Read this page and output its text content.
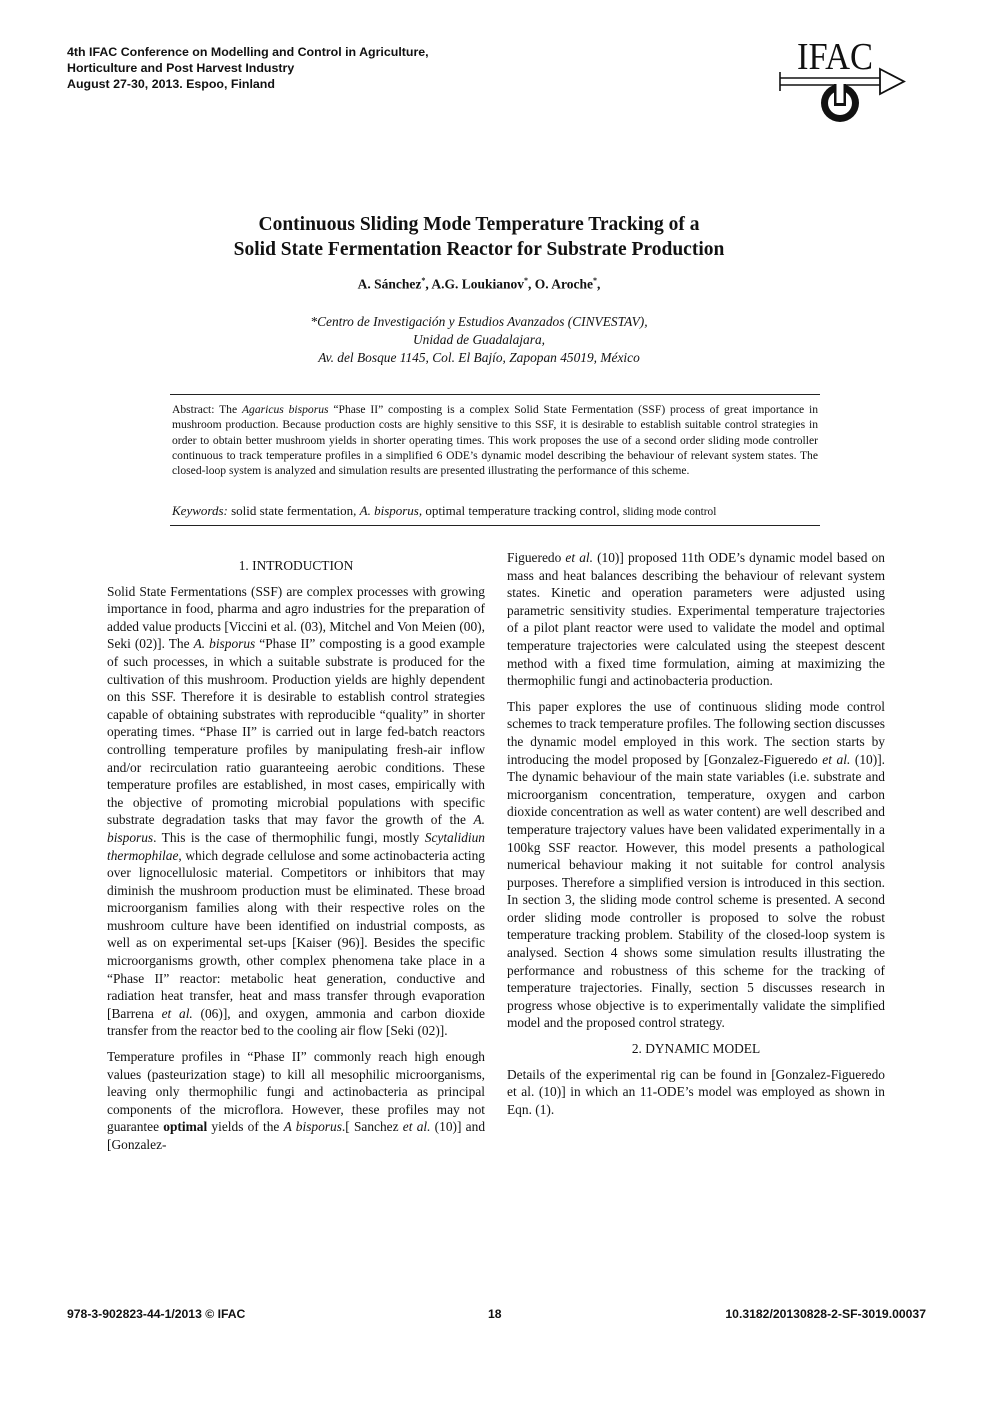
4th IFAC Conference on Modelling and Control in Agriculture,
Horticulture and Post Harvest Industry
August 27-30, 2013. Espoo, Finland
IFAC
Continuous Sliding Mode Temperature Tracking of a
Solid State Fermentation Reactor for Substrate Production
A. Sánchez*, A.G. Loukianov*, O. Aroche*,
*Centro de Investigación y Estudios Avanzados (CINVESTAV),
Unidad de Guadalajara,
Av. del Bosque 1145, Col. El Bajío, Zapopan 45019, México
Abstract: The Agaricus bisporus “Phase II” composting is a complex Solid State Fermentation (SSF) process of great importance in mushroom production. Because production costs are highly sensitive to this SSF, it is desirable to establish suitable control strategies in order to obtain better mushroom yields in shorter operating times. This work proposes the use of a second order sliding mode controller continuous to track temperature profiles in a simplified 6 ODE’s dynamic model describing the behaviour of relevant system states. The closed-loop system is analyzed and simulation results are presented illustrating the performance of this scheme.
Keywords: solid state fermentation, A. bisporus, optimal temperature tracking control, sliding mode control
1. INTRODUCTION

Solid State Fermentations (SSF) are complex processes with growing importance in food, pharma and agro industries for the preparation of added value products [Viccini et al. (03), Mitchel and Von Meien (00), Seki (02)]. The A. bisporus “Phase II” composting is a good example of such processes, in which a suitable substrate is produced for the cultivation of this mushroom. Production yields are highly dependent on this SSF. Therefore it is desirable to establish control strategies capable of obtaining substrates with reproducible “quality” in shorter operating times. “Phase II” is carried out in large fed-batch reactors controlling temperature profiles by manipulating fresh-air inflow and/or recirculation ratio guaranteeing aerobic conditions. These temperature profiles are established, in most cases, empirically with the objective of promoting microbial populations with specific substrate degradation tasks that may favor the growth of the A. bisporus. This is the case of thermophilic fungi, mostly Scytalidiun thermophilae, which degrade cellulose and some actinobacteria acting over lignocellulosic material. Competitors or inhibitors that may diminish the mushroom production must be eliminated. These broad microorganism families along with their respective roles on the mushroom culture have been identified on industrial composts, as well as on experimental set-ups [Kaiser (96)]. Besides the specific microorganisms growth, other complex phenomena take place in a “Phase II” reactor: metabolic heat generation, conductive and radiation heat transfer, heat and mass transfer through evaporation [Barrena et al. (06)], and oxygen, ammonia and carbon dioxide transfer from the reactor bed to the cooling air flow [Seki (02)].

Temperature profiles in “Phase II” commonly reach high enough values (pasteurization stage) to kill all mesophilic microorganisms, leaving only thermophilic fungi and actinobacteria as principal components of the microflora. However, these profiles may not guarantee optimal yields of the A bisporus.[ Sanchez et al. (10)] and [Gonzalez-

Figueredo et al. (10)] proposed 11th ODE’s dynamic model based on mass and heat balances describing the behaviour of relevant system states. Kinetic and operation parameters were adjusted using parametric sensitivity studies. Experimental temperature trajectories of a pilot plant reactor were used to validate the model and optimal temperature trajectories were calculated using the steepest descent method with a fixed time formulation, aiming at maximizing the thermophilic fungi and actinobacteria production.

This paper explores the use of continuous sliding mode control schemes to track temperature profiles. The following section discusses the dynamic model employed in this work. The section starts by introducing the model proposed by [Gonzalez-Figueredo et al. (10)]. The dynamic behaviour of the main state variables (i.e. substrate and microorganism concentration, temperature, oxygen and carbon dioxide concentration as well as water content) are well described and temperature trajectory values have been validated experimentally in a 100kg SSF reactor. However, this model presents a pathological numerical behaviour making it not suitable for control analysis purposes. Therefore a simplified version is introduced in this section. In section 3, the sliding mode control scheme is presented. A second order sliding mode controller is proposed to solve the robust temperature tracking problem. Stability of the closed-loop system is analysed. Section 4 shows some simulation results illustrating the performance and robustness of this scheme for the tracking of temperature trajectories. Finally, section 5 discusses research in progress whose objective is to experimentally validate the simplified model and the proposed control strategy.

2. DYNAMIC MODEL

Details of the experimental rig can be found in [Gonzalez-Figueredo et al. (10)] in which an 11-ODE’s model was employed as shown in Eqn. (1).

978-3-902823-44-1/2013 © IFAC	18	10.3182/20130828-2-SF-3019.00037
